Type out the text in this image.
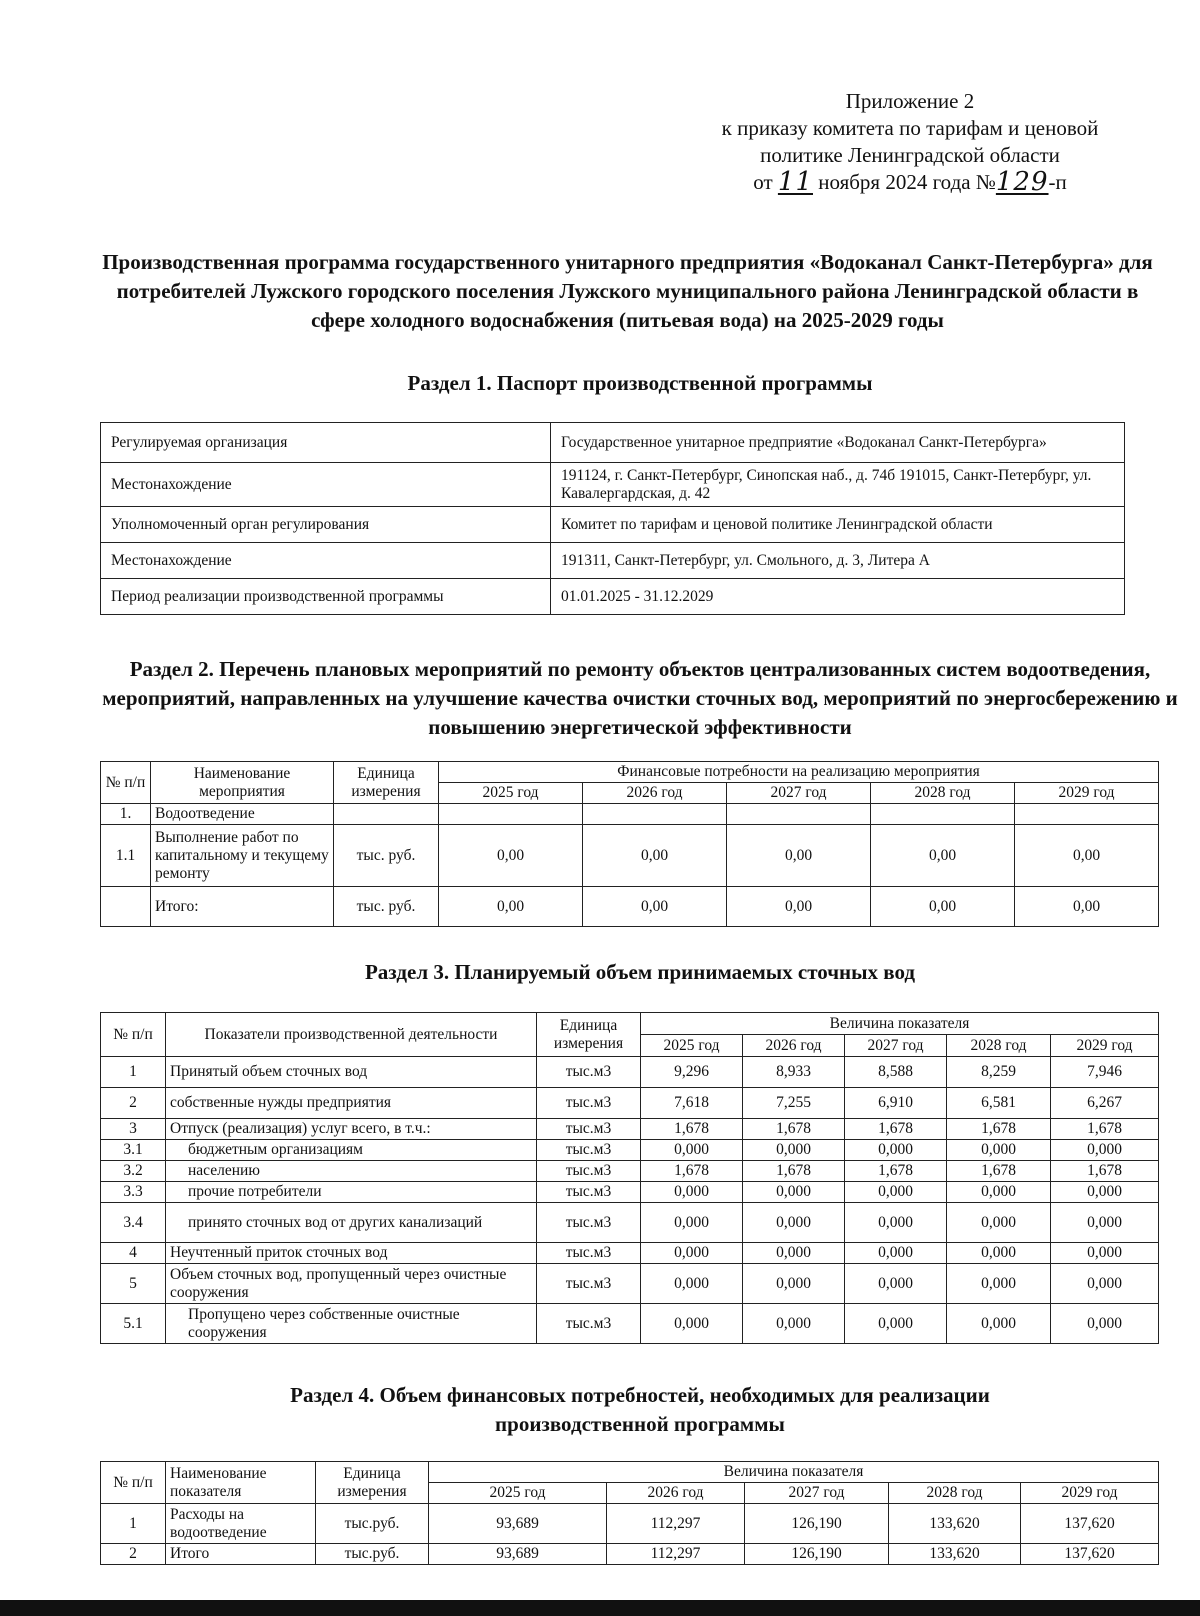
Приложение 2
к приказу комитета по тарифам и ценовой
политике Ленинградской области
от 11 ноября 2024 года №129-п
Производственная программа государственного унитарного предприятия «Водоканал Санкт-Петербурга» для потребителей Лужского городского поселения Лужского муниципального района Ленинградской области в сфере холодного водоснабжения (питьевая вода) на 2025-2029 годы
Раздел 1. Паспорт производственной программы
Регулируемая организация	Государственное унитарное предприятие «Водоканал Санкт-Петербурга»
Местонахождение	191124, г. Санкт-Петербург, Синопская наб., д. 74б 191015, Санкт-Петербург, ул. Кавалергардская, д. 42
Уполномоченный орган регулирования	Комитет по тарифам и ценовой политике Ленинградской области
Местонахождение	191311, Санкт-Петербург, ул. Смольного, д. 3, Литера А
Период реализации производственной программы	01.01.2025 - 31.12.2029
Раздел 2. Перечень плановых мероприятий по ремонту объектов централизованных систем водоотведения, мероприятий, направленных на улучшение качества очистки сточных вод, мероприятий по энергосбережению и повышению энергетической эффективности
№ п/п	Наименование мероприятия	Единица измерения	Финансовые потребности на реализацию мероприятия				
			2025 год	2026 год	2027 год	2028 год	2029 год
1.	Водоотведение						
1.1	Выполнение работ по капитальному и текущему ремонту	тыс. руб.	0,00	0,00	0,00	0,00	0,00
	Итого:	тыс. руб.	0,00	0,00	0,00	0,00	0,00
Раздел 3. Планируемый объем принимаемых сточных вод
№ п/п	Показатели производственной деятельности	Единица измерения	Величина показателя				
			2025 год	2026 год	2027 год	2028 год	2029 год
1	Принятый объем сточных вод	тыс.м3	9,296	8,933	8,588	8,259	7,946
2	собственные нужды предприятия	тыс.м3	7,618	7,255	6,910	6,581	6,267
3	Отпуск (реализация) услуг всего, в т.ч.:	тыс.м3	1,678	1,678	1,678	1,678	1,678
3.1	бюджетным организациям	тыс.м3	0,000	0,000	0,000	0,000	0,000
3.2	населению	тыс.м3	1,678	1,678	1,678	1,678	1,678
3.3	прочие потребители	тыс.м3	0,000	0,000	0,000	0,000	0,000
3.4	принято сточных вод от других канализаций	тыс.м3	0,000	0,000	0,000	0,000	0,000
4	Неучтенный приток сточных вод	тыс.м3	0,000	0,000	0,000	0,000	0,000
5	Объем сточных вод, пропущенный через очистные сооружения	тыс.м3	0,000	0,000	0,000	0,000	0,000
5.1	Пропущено через собственные очистные сооружения	тыс.м3	0,000	0,000	0,000	0,000	0,000
Раздел 4. Объем финансовых потребностей, необходимых для реализации
производственной программы
№ п/п	Наименование показателя	Единица измерения	Величина показателя				
			2025 год	2026 год	2027 год	2028 год	2029 год
1	Расходы на водоотведение	тыс.руб.	93,689	112,297	126,190	133,620	137,620
2	Итого	тыс.руб.	93,689	112,297	126,190	133,620	137,620
